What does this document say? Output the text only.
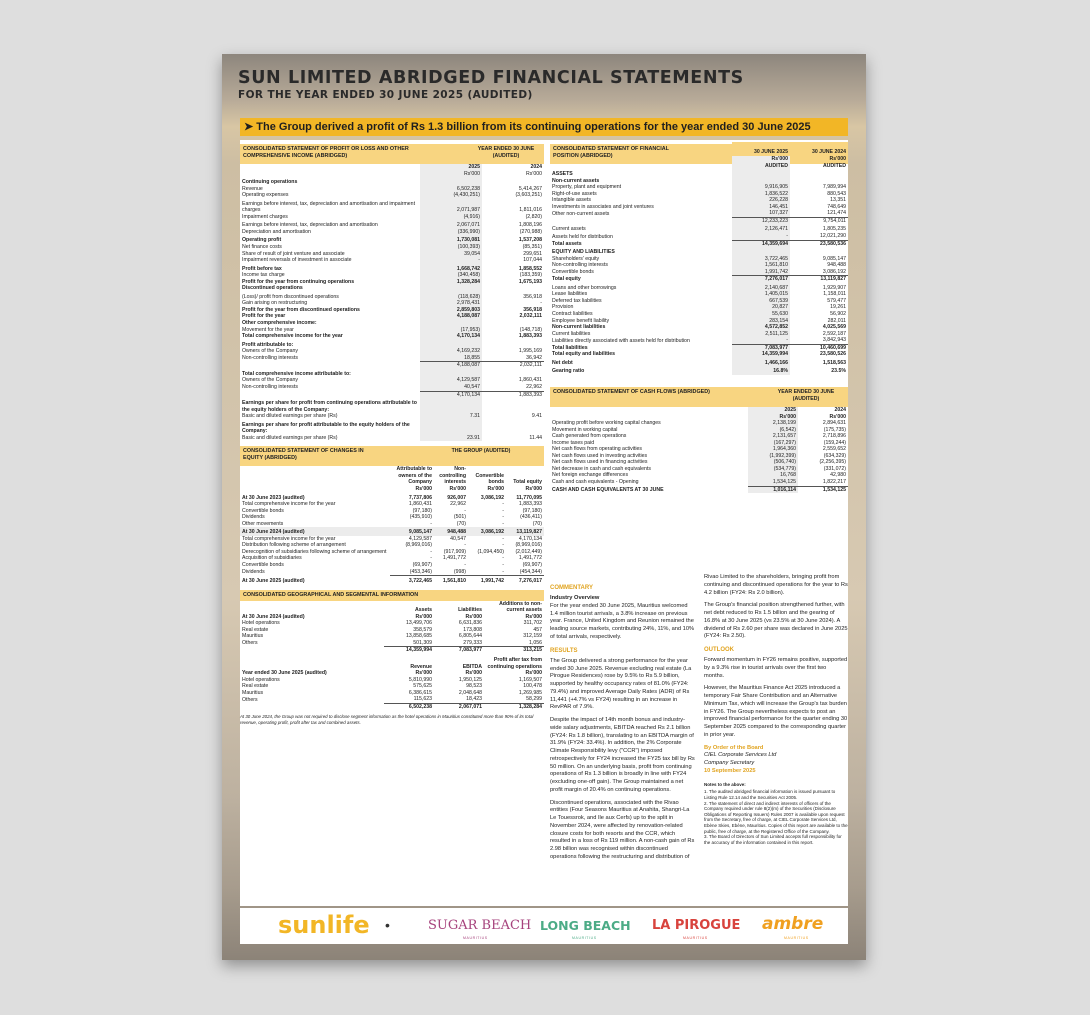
SUN LIMITED ABRIDGED FINANCIAL STATEMENTS
FOR THE YEAR ENDED 30 JUNE 2025 (AUDITED)
➤ The Group derived a profit of Rs 1.3 billion from its continuing operations for the year ended 30 June 2025
CONSOLIDATED STATEMENT OF PROFIT OR LOSS AND OTHER COMPREHENSIVE INCOME (ABRIDGED)
YEAR ENDED 30 JUNE (AUDITED)
	2025	2024
	Rs'000	Rs'000
Continuing operations		
Revenue	6,502,238	5,414,267
Operating expenses	(4,430,251)	(3,603,251)
Earnings before interest, tax, depreciation and amortisation and impairment charges	2,071,987	1,811,016
Impairment charges	(4,916)	(2,820)
Earnings before interest, tax, depreciation and amortisation	2,067,071	1,808,196
Depreciation and amortisation	(336,990)	(270,988)
Operating profit	1,730,081	1,537,208
Net finance costs	(100,393)	(85,351)
Share of result of joint venture and associate	39,054	299,651
Impairment reversals of investment in associate	-	107,044
Profit before tax	1,668,742	1,858,552
Income tax charge	(340,458)	(183,359)
Profit for the year from continuing operations	1,328,284	1,675,193
Discontinued operations		
(Loss)/ profit from discontinued operations	(118,628)	356,918
Gain arising on restructuring	2,978,431	-
Profit for the year from discontinued operations	2,859,803	356,918
Profit for the year	4,188,087	2,032,111
Other comprehensive income:		
Movement for the year	(17,953)	(148,718)
Total comprehensive income for the year	4,170,134	1,883,393
Profit attributable to:		
Owners of the Company	4,169,232	1,995,169
Non-controlling interests	18,855	36,942
	4,188,087	2,032,111
Total comprehensive income attributable to:		
Owners of the Company	4,129,587	1,860,431
Non-controlling interests	40,547	22,962
	4,170,134	1,883,393
Earnings per share for profit from continuing operations attributable to the equity holders of the Company:		
Basic and diluted earnings per share (Rs)	7.31	9.41
Earnings per share for profit attributable to the equity holders of the Company:		
Basic and diluted earnings per share (Rs)	23.91	11.44
CONSOLIDATED STATEMENT OF CHANGES IN EQUITY (ABRIDGED)
THE GROUP (AUDITED)
	Attributable to owners of the Company	Non-controlling interests	Convertible bonds	Total equity
	Rs'000	Rs'000	Rs'000	Rs'000
At 30 June 2023 (audited)	7,737,806	926,007	3,086,192	11,770,095
Total comprehensive income for the year	1,860,431	22,962	-	1,883,393
Convertible bonds	(97,180)	-	-	(97,180)
Dividends	(435,910)	(501)	-	(436,411)
Other movements	-	(70)	-	(70)
At 30 June 2024 (audited)	9,085,147	948,488	3,086,192	13,119,827
Total comprehensive income for the year	4,129,587	40,547	-	4,170,134
Distribution following scheme of arrangement	(8,969,016)	-	-	(8,969,016)
Derecognition of subsidiaries following scheme of arrangement	-	(917,909)	(1,094,450)	(2,012,449)
Acquisition of subsidiaries	-	1,491,772	-	1,491,772
Convertible bonds	(69,907)	-	-	(69,907)
Dividends	(453,346)	(998)	-	(454,344)
At 30 June 2025 (audited)	3,722,465	1,561,810	1,991,742	7,276,017
CONSOLIDATED GEOGRAPHICAL AND SEGMENTAL INFORMATION
	Assets	Liabilities	Additions to non-current assets
At 30 June 2024 (audited)	Rs'000	Rs'000	Rs'000
Hotel operations	13,499,706	6,631,836	311,702
Real estate	358,579	173,808	457
Mauritius	13,858,685	6,805,644	312,159
Others	501,309	279,333	1,056
	14,359,994	7,083,977	313,215
	Revenue	EBITDA	Profit after tax from continuing operations
Year ended 30 June 2025 (audited)	Rs'000	Rs'000	Rs'000
Hotel operations	5,810,990	1,950,125	1,169,507
Real estate	575,625	98,523	100,478
Mauritius	6,386,615	2,048,648	1,269,985
Others	115,623	18,423	58,299
	6,502,238	2,067,071	1,328,284
At 30 June 2024, the Group was not required to disclose segment information as the hotel operations in Mauritius constituted more than 90% of its total revenue, operating profit, profit after tax and combined assets.
CONSOLIDATED STATEMENT OF FINANCIAL POSITION (ABRIDGED)
	30 JUNE 2025	30 JUNE 2024
	Rs'000	Rs'000
	AUDITED	AUDITED
ASSETS		
Non-current assets		
Property, plant and equipment	9,916,905	7,989,994
Right-of-use assets	1,836,522	880,543
Intangible assets	226,228	13,351
Investments in associates and joint ventures	146,451	748,649
Other non-current assets	107,327	121,474
	12,233,223	9,754,011
Current assets	2,126,471	1,805,235
Assets held for distribution	-	12,021,290
Total assets	14,359,694	23,580,536
EQUITY AND LIABILITIES		
Shareholders' equity	3,722,465	9,085,147
Non-controlling interests	1,561,810	948,488
Convertible bonds	1,991,742	3,086,192
Total equity	7,276,017	13,119,827
Loans and other borrowings	2,140,687	1,929,907
Lease liabilities	1,405,015	1,158,011
Deferred tax liabilities	667,539	579,477
Provision	20,827	19,261
Contract liabilities	55,630	56,902
Employee benefit liability	283,154	282,011
Non-current liabilities	4,572,852	4,025,569
Current liabilities	2,511,125	2,592,187
Liabilities directly associated with assets held for distribution	-	3,842,943
Total liabilities	7,083,977	10,460,699
Total equity and liabilities	14,359,994	23,580,526
Net debt	1,466,166	1,518,563
Gearing ratio	16.8%	23.5%
CONSOLIDATED STATEMENT OF CASH FLOWS (ABRIDGED)	YEAR ENDED 30 JUNE (AUDITED)
	2025	2024
	Rs'000	Rs'000
Operating profit before working capital changes	2,138,199	2,894,631
Movement in working capital	(6,542)	(175,735)
Cash generated from operations	2,131,657	2,718,896
Income taxes paid	(167,297)	(159,244)
Net cash flows from operating activities	1,964,360	2,559,652
Net cash flows used in investing activities	(1,992,399)	(634,329)
Net cash flows used in financing activities	(506,740)	(2,256,395)
Net decrease in cash and cash equivalents	(534,779)	(331,072)
Net foreign exchange differences	16,768	42,980
Cash and cash equivalents - Opening	1,534,125	1,822,217
CASH AND CASH EQUIVALENTS AT 30 JUNE	1,016,114	1,534,125
COMMENTARY
Industry Overview

For the year ended 30 June 2025, Mauritius welcomed 1.4 million tourist arrivals, a 3.8% increase on previous year. France, United Kingdom and Reunion remained the leading source markets, contributing 24%, 11%, and 10% of total arrivals, respectively.

RESULTS

The Group delivered a strong performance for the year ended 30 June 2025. Revenue excluding real estate (La Pirogue Residences) rose by 9.5% to Rs 5.9 billion, supported by healthy occupancy rates of 81.0% (FY24: 79.4%) and improved Average Daily Rates (ADR) of Rs 11,441 (+4.7% vs FY24) resulting in an increase in RevPAR of 7.9%.

Despite the impact of 14th month bonus and industry-wide salary adjustments, EBITDA reached Rs 2.1 billion (FY24: Rs 1.8 billion), translating to an EBITDA margin of 31.9% (FY24: 33.4%). In addition, the 2% Corporate Climate Responsibility levy ("CCR") imposed retrospectively for FY24 increased the FY25 tax bill by Rs 50 million. On an underlying basis, profit from continuing operations of Rs 1.3 billion is broadly in line with FY24 (excluding one-off gain). The Group maintained a net profit margin of 20.4% on continuing operations.

Discontinued operations, associated with the Rivao entities (Four Seasons Mauritius at Anahita, Shangri-La Le Touessrok, and Ile aux Cerfs) up to the split in November 2024, were affected by renovation-related closure costs for both resorts and the CCR, which resulted in a loss of Rs 119 million. A non-cash gain of Rs 2.98 billion was recognised within discontinued operations following the restructuring and distribution of

Rivao Limited to the shareholders, bringing profit from continuing and discontinued operations for the year to Rs 4.2 billion (FY24: Rs 2.0 billion).

The Group's financial position strengthened further, with net debt reduced to Rs 1.5 billion and the gearing of 16.8% at 30 June 2025 (vs 23.5% at 30 June 2024). A dividend of Rs 2.60 per share was declared in June 2025 (FY24: Rs 2.50).

OUTLOOK

Forward momentum in FY26 remains positive, supported by a 9.3% rise in tourist arrivals over the first two months.

However, the Mauritius Finance Act 2025 introduced a temporary Fair Share Contribution and an Alternative Minimum Tax, which will increase the Group's tax burden in FY26. The Group nevertheless expects to post an improved financial performance for the quarter ending 30 September 2025 compared to the corresponding quarter in prior year.

By Order of the Board
CIEL Corporate Services Ltd
Company Secretary
10 September 2025
Notes to the above:
1. The audited abridged financial information is issued pursuant to Listing Rule 12.14 and the Securities Act 2005.
2. The statement of direct and indirect interests of officers of the Company required under rule 8(2)(m) of the Securities (Disclosure Obligations of Reporting Issuers) Rules 2007 is available upon request from the Secretary, free of charge, at CIEL Corporate Services Ltd, Ebène Skies, Ebène, Mauritius. Copies of this report are available to the public, free of charge, at the Registered Office of the Company.
3. The Board of Directors of Sun Limited accepts full responsibility for the accuracy of the information contained in this report.
sunlife •	SUGAR BEACH
MAURITIUS
LONG BEACH
MAURITIUS
LA PIROGUE
MAURITIUS
ambre
MAURITIUS
